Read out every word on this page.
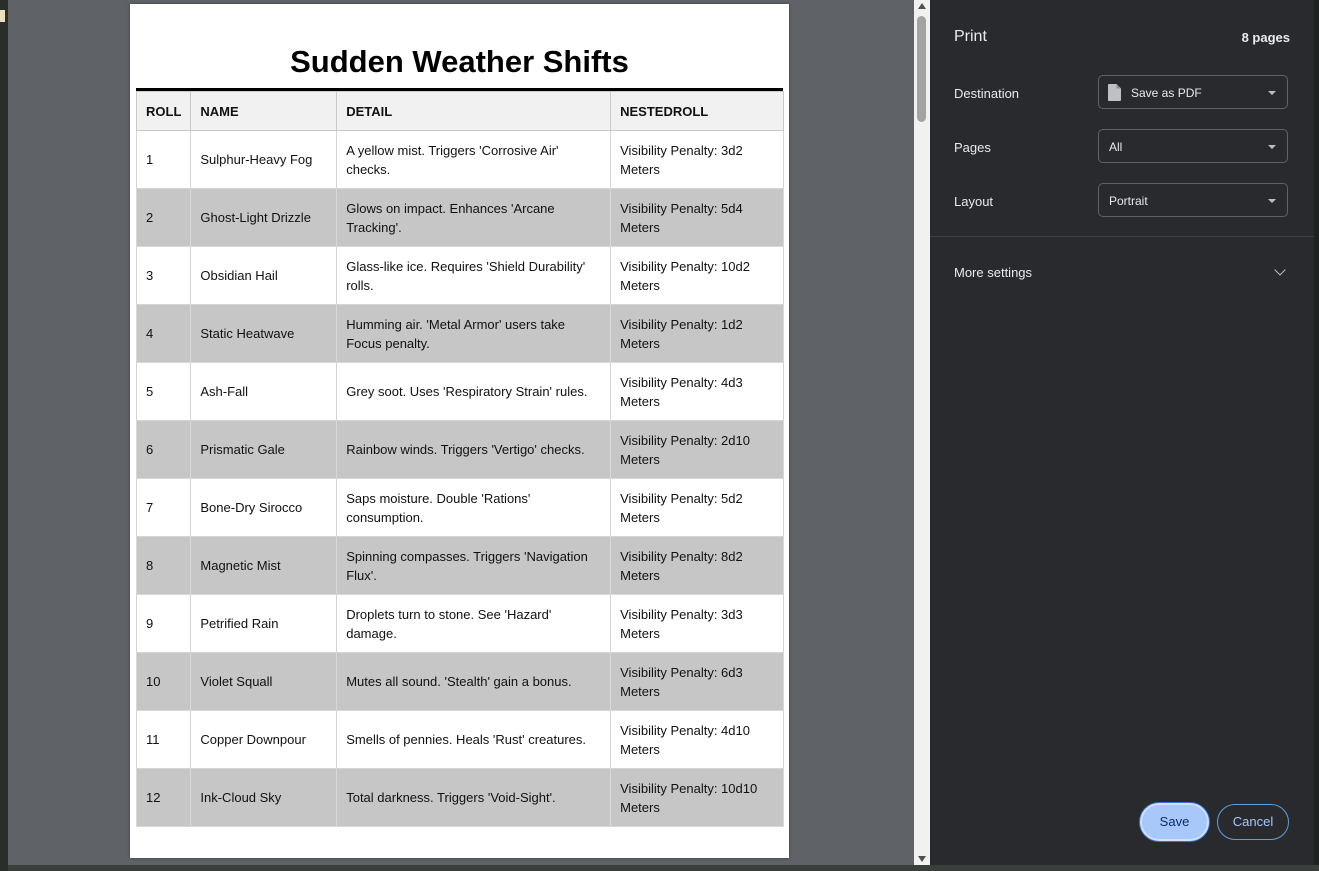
Sudden Weather Shifts
ROLL	NAME	DETAIL	NESTEDROLL
1	Sulphur-Heavy Fog	A yellow mist. Triggers 'Corrosive Air' checks.	Visibility Penalty: 3d2 Meters
2	Ghost-Light Drizzle	Glows on impact. Enhances 'Arcane Tracking'.	Visibility Penalty: 5d4 Meters
3	Obsidian Hail	Glass-like ice. Requires 'Shield Durability' rolls.	Visibility Penalty: 10d2 Meters
4	Static Heatwave	Humming air. 'Metal Armor' users take Focus penalty.	Visibility Penalty: 1d2 Meters
5	Ash-Fall	Grey soot. Uses 'Respiratory Strain' rules.	Visibility Penalty: 4d3 Meters
6	Prismatic Gale	Rainbow winds. Triggers 'Vertigo' checks.	Visibility Penalty: 2d10 Meters
7	Bone-Dry Sirocco	Saps moisture. Double 'Rations' consumption.	Visibility Penalty: 5d2 Meters
8	Magnetic Mist	Spinning compasses. Triggers 'Navigation Flux'.	Visibility Penalty: 8d2 Meters
9	Petrified Rain	Droplets turn to stone. See 'Hazard' damage.	Visibility Penalty: 3d3 Meters
10	Violet Squall	Mutes all sound. 'Stealth' gain a bonus.	Visibility Penalty: 6d3 Meters
11	Copper Downpour	Smells of pennies. Heals 'Rust' creatures.	Visibility Penalty: 4d10 Meters
12	Ink-Cloud Sky	Total darkness. Triggers 'Void-Sight'.	Visibility Penalty: 10d10 Meters
Print	8 pages
Destination	Save as PDF
Pages	All
Layout	Portrait
More settings
Save	Cancel
